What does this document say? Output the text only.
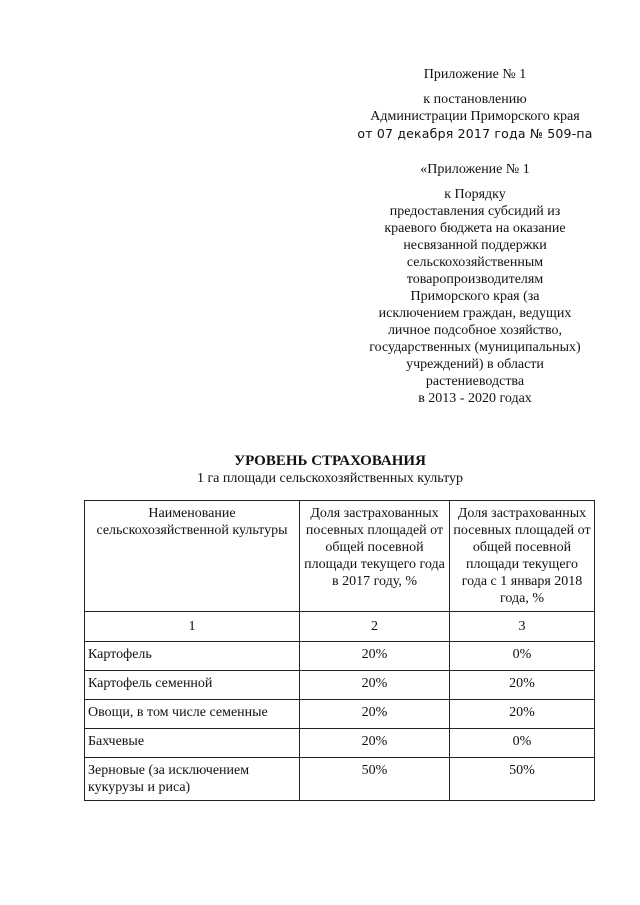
Приложение № 1
к постановлению
Администрации Приморского края
от 07 декабря 2017 года № 509-па
«Приложение № 1
к Порядку
предоставления субсидий из
краевого бюджета на оказание
несвязанной поддержки
сельскохозяйственным
товаропроизводителям
Приморского края (за
исключением граждан, ведущих
личное подсобное хозяйство,
государственных (муниципальных)
учреждений) в области
растениеводства
в 2013 - 2020 годах
УРОВЕНЬ СТРАХОВАНИЯ
1 га площади сельскохозяйственных культур
Наименование сельскохозяйственной культуры	Доля застрахованных посевных площадей от общей посевной площади текущего года в 2017 году, %	Доля застрахованных посевных площадей от общей посевной площади текущего года с 1 января 2018 года, %
1	2	3
Картофель	20%	0%
Картофель семенной	20%	20%
Овощи, в том числе семенные	20%	20%
Бахчевые	20%	0%
Зерновые (за исключением кукурузы и риса)	50%	50%
